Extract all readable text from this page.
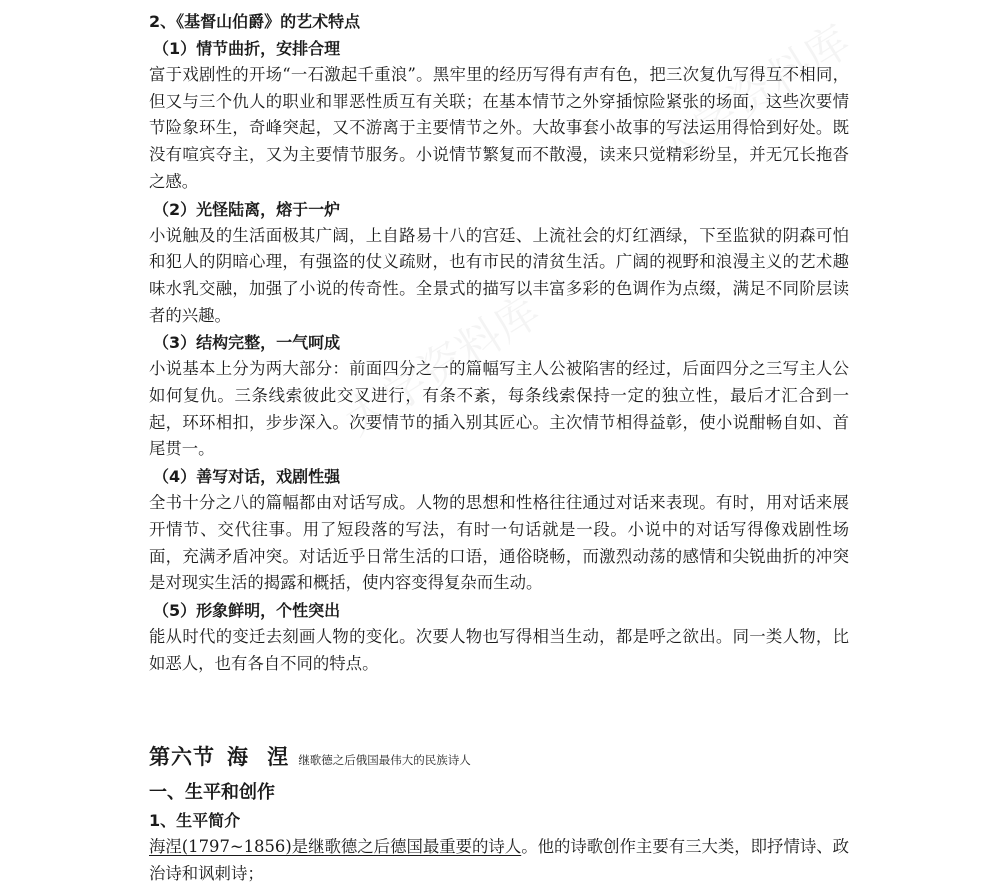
2、《基督山伯爵》的艺术特点
（1）情节曲折，安排合理

富于戏剧性的开场“一石激起千重浪”。黑牢里的经历写得有声有色，把三次复仇写得互不相同，但又与三个仇人的职业和罪恶性质互有关联；在基本情节之外穿插惊险紧张的场面，这些次要情节险象环生，奇峰突起，又不游离于主要情节之外。大故事套小故事的写法运用得恰到好处。既没有喧宾夺主，又为主要情节服务。小说情节繁复而不散漫，读来只觉精彩纷呈，并无冗长拖沓之感。

（2）光怪陆离，熔于一炉

小说触及的生活面极其广阔，上自路易十八的宫廷、上流社会的灯红酒绿，下至监狱的阴森可怕和犯人的阴暗心理，有强盗的仗义疏财，也有市民的清贫生活。广阔的视野和浪漫主义的艺术趣味水乳交融，加强了小说的传奇性。全景式的描写以丰富多彩的色调作为点缀，满足不同阶层读者的兴趣。

（3）结构完整，一气呵成

小说基本上分为两大部分：前面四分之一的篇幅写主人公被陷害的经过，后面四分之三写主人公如何复仇。三条线索彼此交叉进行，有条不紊，每条线索保持一定的独立性，最后才汇合到一起，环环相扣，步步深入。次要情节的插入别其匠心。主次情节相得益彰，使小说酣畅自如、首尾贯一。

（4）善写对话，戏剧性强

全书十分之八的篇幅都由对话写成。人物的思想和性格往往通过对话来表现。有时，用对话来展开情节、交代往事。用了短段落的写法，有时一句话就是一段。小说中的对话写得像戏剧性场面，充满矛盾冲突。对话近乎日常生活的口语，通俗晓畅，而激烈动荡的感情和尖锐曲折的冲突是对现实生活的揭露和概括，使内容变得复杂而生动。

（5）形象鲜明，个性突出

能从时代的变迁去刻画人物的变化。次要人物也写得相当生动，都是呼之欲出。同一类人物，比如恶人，也有各自不同的特点。

第六节 海 涅 继歌德之后俄国最伟大的民族诗人
一、生平和创作
1、生平简介

海涅(1797~1856)是继歌德之后德国最重要的诗人。他的诗歌创作主要有三大类，即抒情诗、政治诗和讽刺诗；
